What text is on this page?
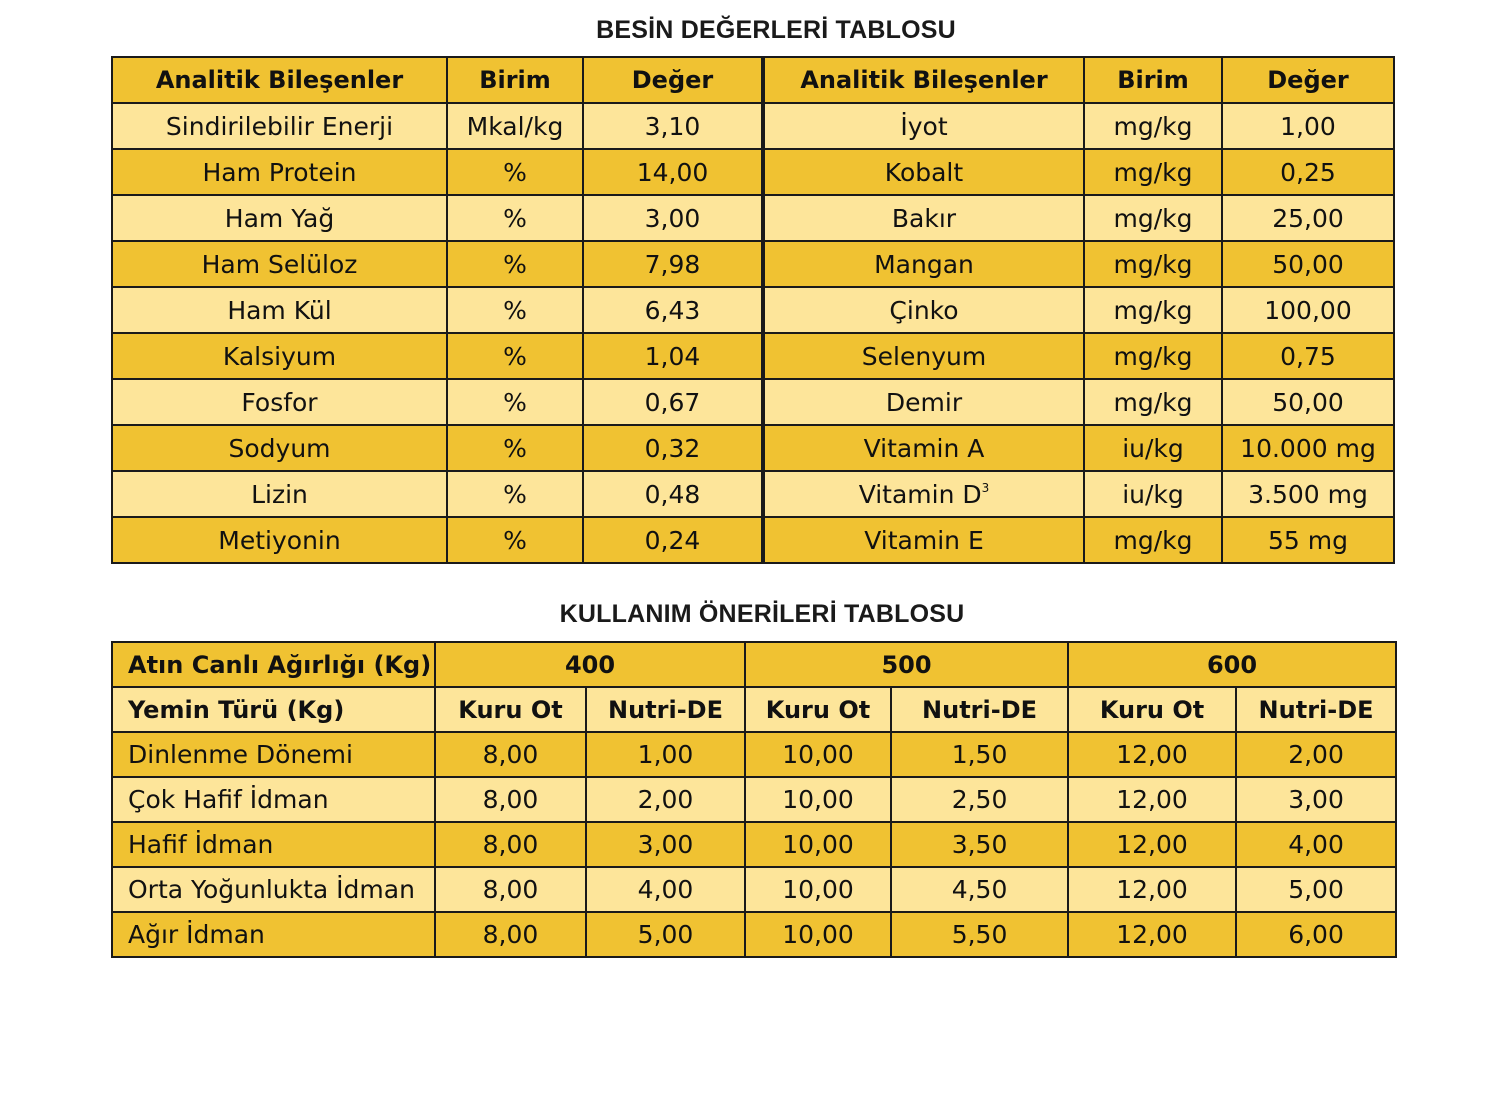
BESİN DEĞERLERİ TABLOSU
Analitik Bileşenler	Birim	Değer	Analitik Bileşenler	Birim	Değer
Sindirilebilir Enerji	Mkal/kg	3,10	İyot	mg/kg	1,00
Ham Protein	%	14,00	Kobalt	mg/kg	0,25
Ham Yağ	%	3,00	Bakır	mg/kg	25,00
Ham Selüloz	%	7,98	Mangan	mg/kg	50,00
Ham Kül	%	6,43	Çinko	mg/kg	100,00
Kalsiyum	%	1,04	Selenyum	mg/kg	0,75
Fosfor	%	0,67	Demir	mg/kg	50,00
Sodyum	%	0,32	Vitamin A	iu/kg	10.000 mg
Lizin	%	0,48	Vitamin $D^3$	iu/kg	3.500 mg
Metiyonin	%	0,24	Vitamin E	mg/kg	55 mg
KULLANIM ÖNERİLERİ TABLOSU
Atın Canlı Ağırlığı (Kg)	400		500		600	
Yemin Türü (Kg)	Kuru Ot	Nutri-DE	Kuru Ot	Nutri-DE	Kuru Ot	Nutri-DE
Dinlenme Dönemi	8,00	1,00	10,00	1,50	12,00	2,00
Çok Hafif İdman	8,00	2,00	10,00	2,50	12,00	3,00
Hafif İdman	8,00	3,00	10,00	3,50	12,00	4,00
Orta Yoğunlukta İdman	8,00	4,00	10,00	4,50	12,00	5,00
Ağır İdman	8,00	5,00	10,00	5,50	12,00	6,00
